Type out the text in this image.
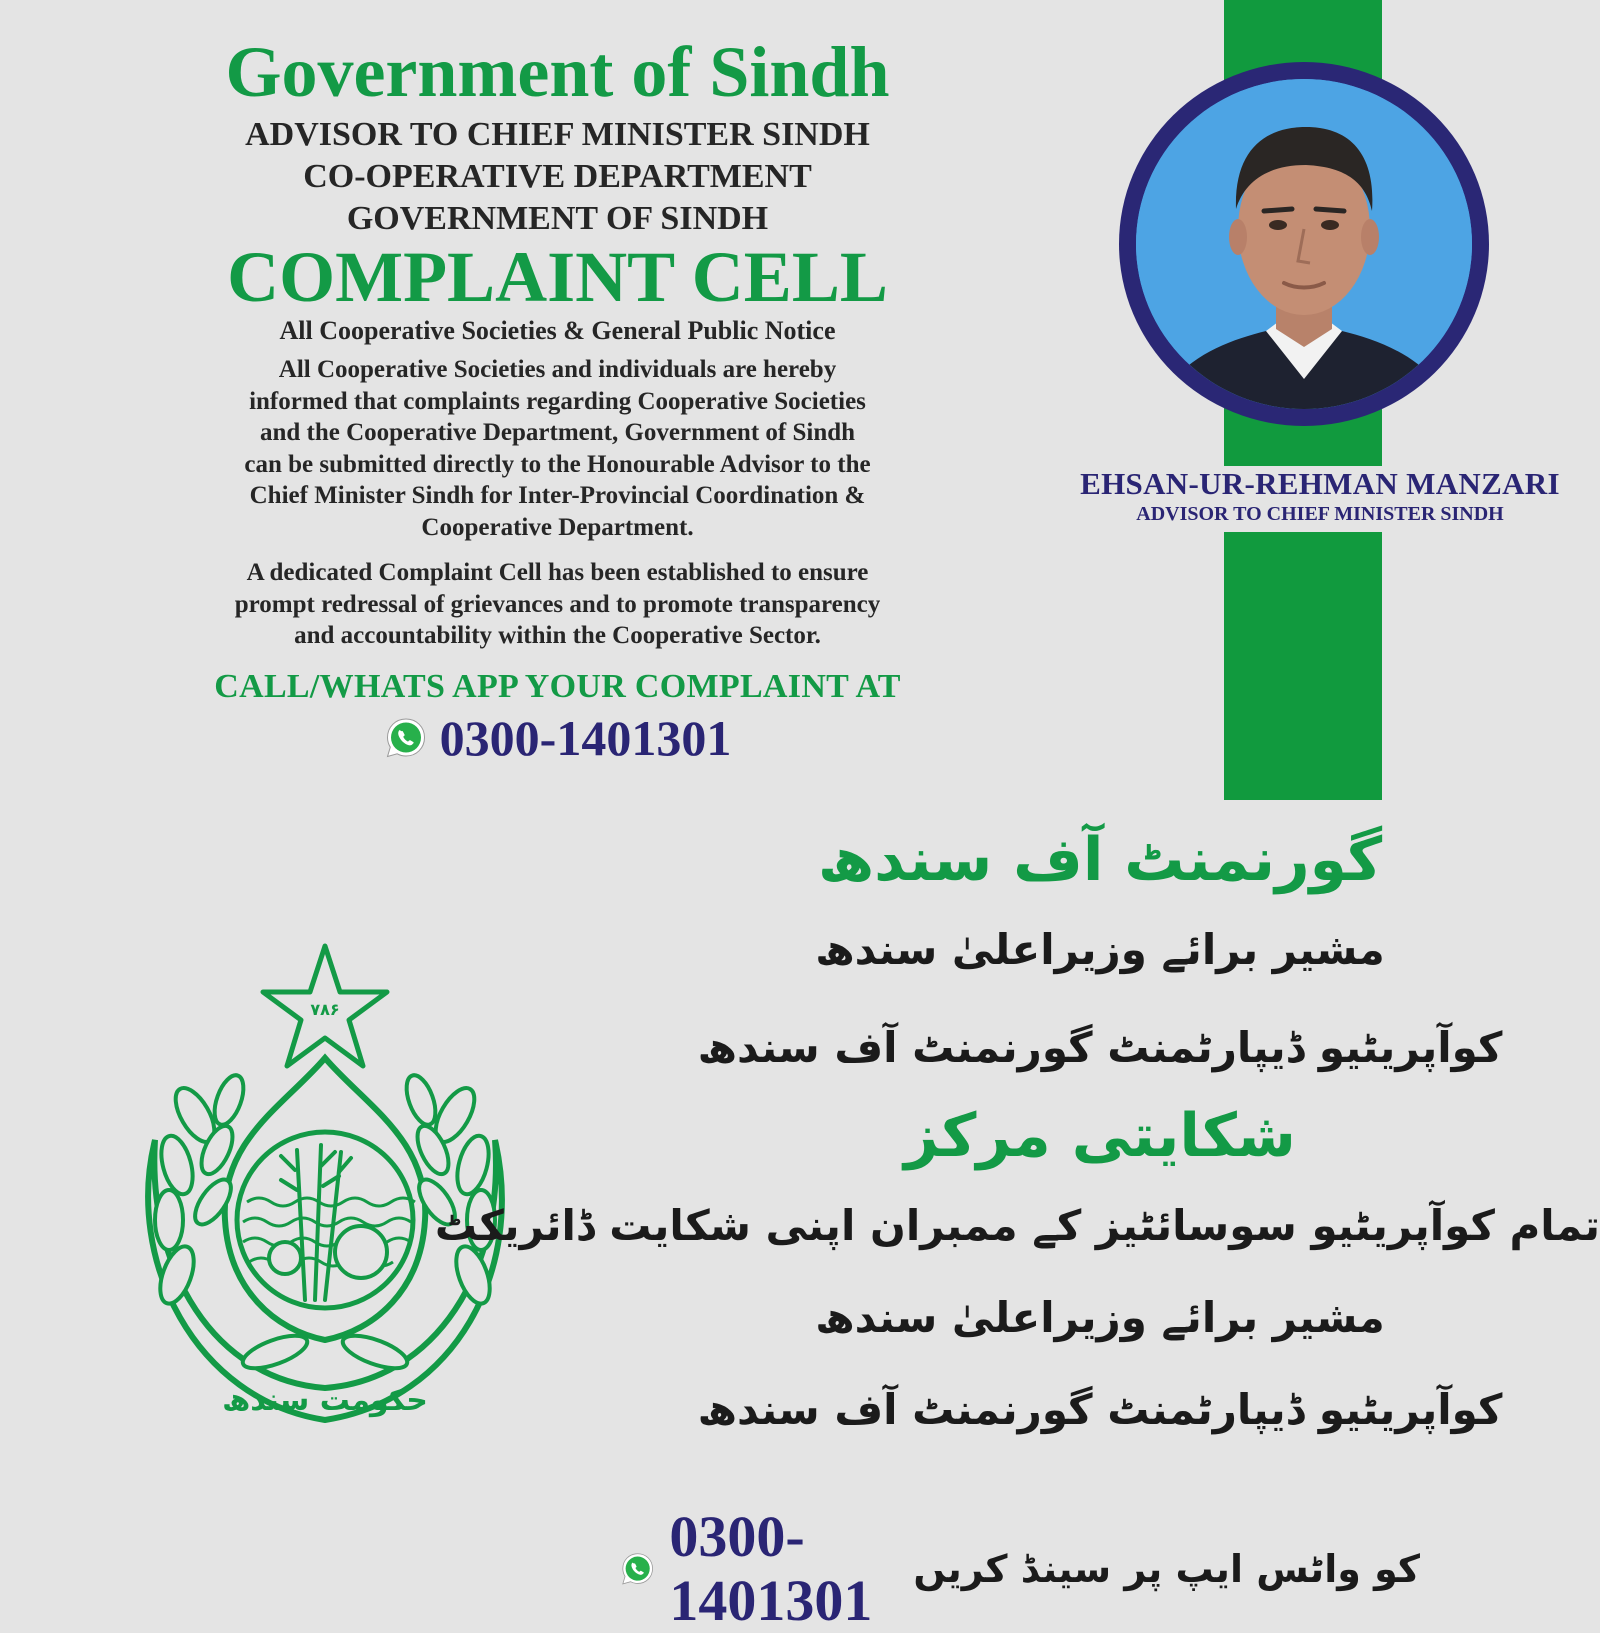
Government of Sindh

ADVISOR TO CHIEF MINISTER SINDH

CO-OPERATIVE DEPARTMENT

GOVERNMENT OF SINDH

COMPLAINT CELL

All Cooperative Societies & General Public Notice

All Cooperative Societies and individuals are hereby
informed that complaints regarding Cooperative Societies
and the Cooperative Department, Government of Sindh
can be submitted directly to the Honourable Advisor to the
Chief Minister Sindh for Inter-Provincial Coordination &
Cooperative Department.
A dedicated Complaint Cell has been established to ensure
prompt redressal of grievances and to promote transparency
and accountability within the Cooperative Sector.

CALL/WHATS APP YOUR COMPLAINT AT

0300-1401301
EHSAN-UR-REHMAN MANZARI
ADVISOR TO CHIEF MINISTER SINDH
۷۸۶
حکومت سندھ
گورنمنٹ آف سندھ
مشیر برائے وزیراعلیٰ سندھ
کوآپریٹیو ڈیپارٹمنٹ گورنمنٹ آف سندھ
شکایتی مرکز
تمام کوآپریٹیو سوسائٹیز کے ممبران اپنی شکایت ڈائریکٹ
مشیر برائے وزیراعلیٰ سندھ
کوآپریٹیو ڈیپارٹمنٹ گورنمنٹ آف سندھ
0300-1401301	کو واٹس ایپ پر سینڈ کریں
